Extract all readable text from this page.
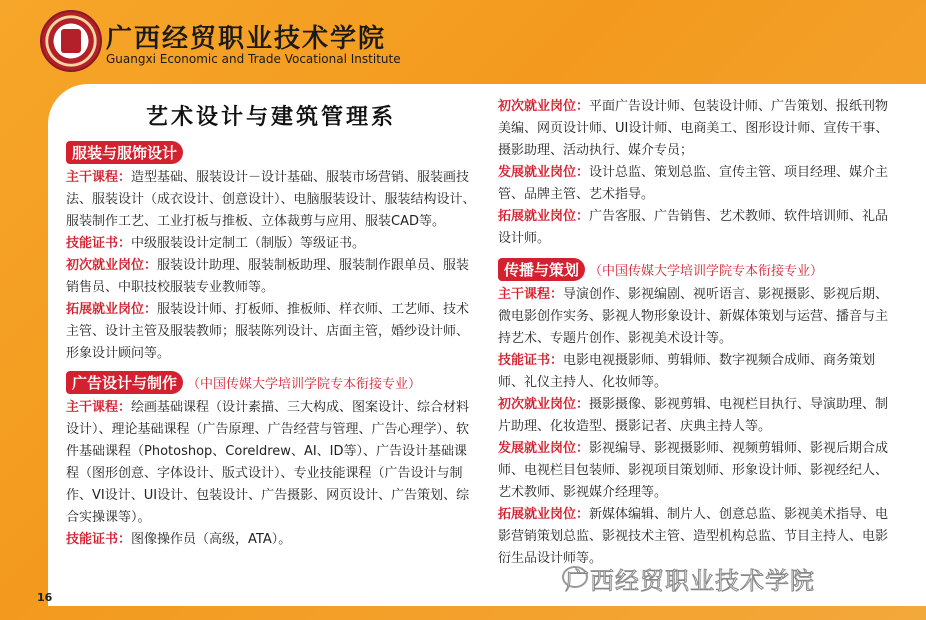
广西经贸职业技术学院
Guangxi Economic and Trade Vocational Institute
艺术设计与建筑管理系
服装与服饰设计

主干课程：造型基础、服装设计－设计基础、服装市场营销、服装画技法、服装设计（成衣设计、创意设计）、电脑服装设计、服装结构设计、服装制作工艺、工业打板与推板、立体裁剪与应用、服装CAD等。

技能证书：中级服装设计定制工（制版）等级证书。

初次就业岗位：服装设计助理、服装制板助理、服装制作跟单员、服装销售员、中职技校服装专业教师等。

拓展就业岗位：服装设计师、打板师、推板师、样衣师、工艺师、技术主管、设计主管及服装教师；服装陈列设计、店面主管，婚纱设计师、形象设计顾问等。

广告设计与制作 （中国传媒大学培训学院专本衔接专业）

主干课程：绘画基础课程（设计素描、三大构成、图案设计、综合材料设计）、理论基础课程（广告原理、广告经营与管理、广告心理学）、软件基础课程（Photoshop、Coreldrew、AI、ID等）、广告设计基础课程（图形创意、字体设计、版式设计）、专业技能课程（广告设计与制作、VI设计、UI设计、包装设计、广告摄影、网页设计、广告策划、综合实操课等）。

技能证书：图像操作员（高级，ATA）。

初次就业岗位：平面广告设计师、包装设计师、广告策划、报纸刊物美编、网页设计师、UI设计师、电商美工、图形设计师、宣传干事、摄影助理、活动执行、媒介专员；

发展就业岗位：设计总监、策划总监、宣传主管、项目经理、媒介主管、品牌主管、艺术指导。

拓展就业岗位：广告客服、广告销售、艺术教师、软件培训师、礼品设计师。

传播与策划 （中国传媒大学培训学院专本衔接专业）

主干课程：导演创作、影视编剧、视听语言、影视摄影、影视后期、微电影创作实务、影视人物形象设计、新媒体策划与运营、播音与主持艺术、专题片创作、影视美术设计等。

技能证书：电影电视摄影师、剪辑师、数字视频合成师、商务策划师、礼仪主持人、化妆师等。

初次就业岗位：摄影摄像、影视剪辑、电视栏目执行、导演助理、制片助理、化妆造型、摄影记者、庆典主持人等。

发展就业岗位：影视编导、影视摄影师、视频剪辑师、影视后期合成师、电视栏目包装师、影视项目策划师、形象设计师、影视经纪人、艺术教师、影视媒介经理等。

拓展就业岗位：新媒体编辑、制片人、创意总监、影视美术指导、电影营销策划总监、影视技术主管、造型机构总监、节目主持人、电影衍生品设计师等。

16
广西经贸职业技术学院
